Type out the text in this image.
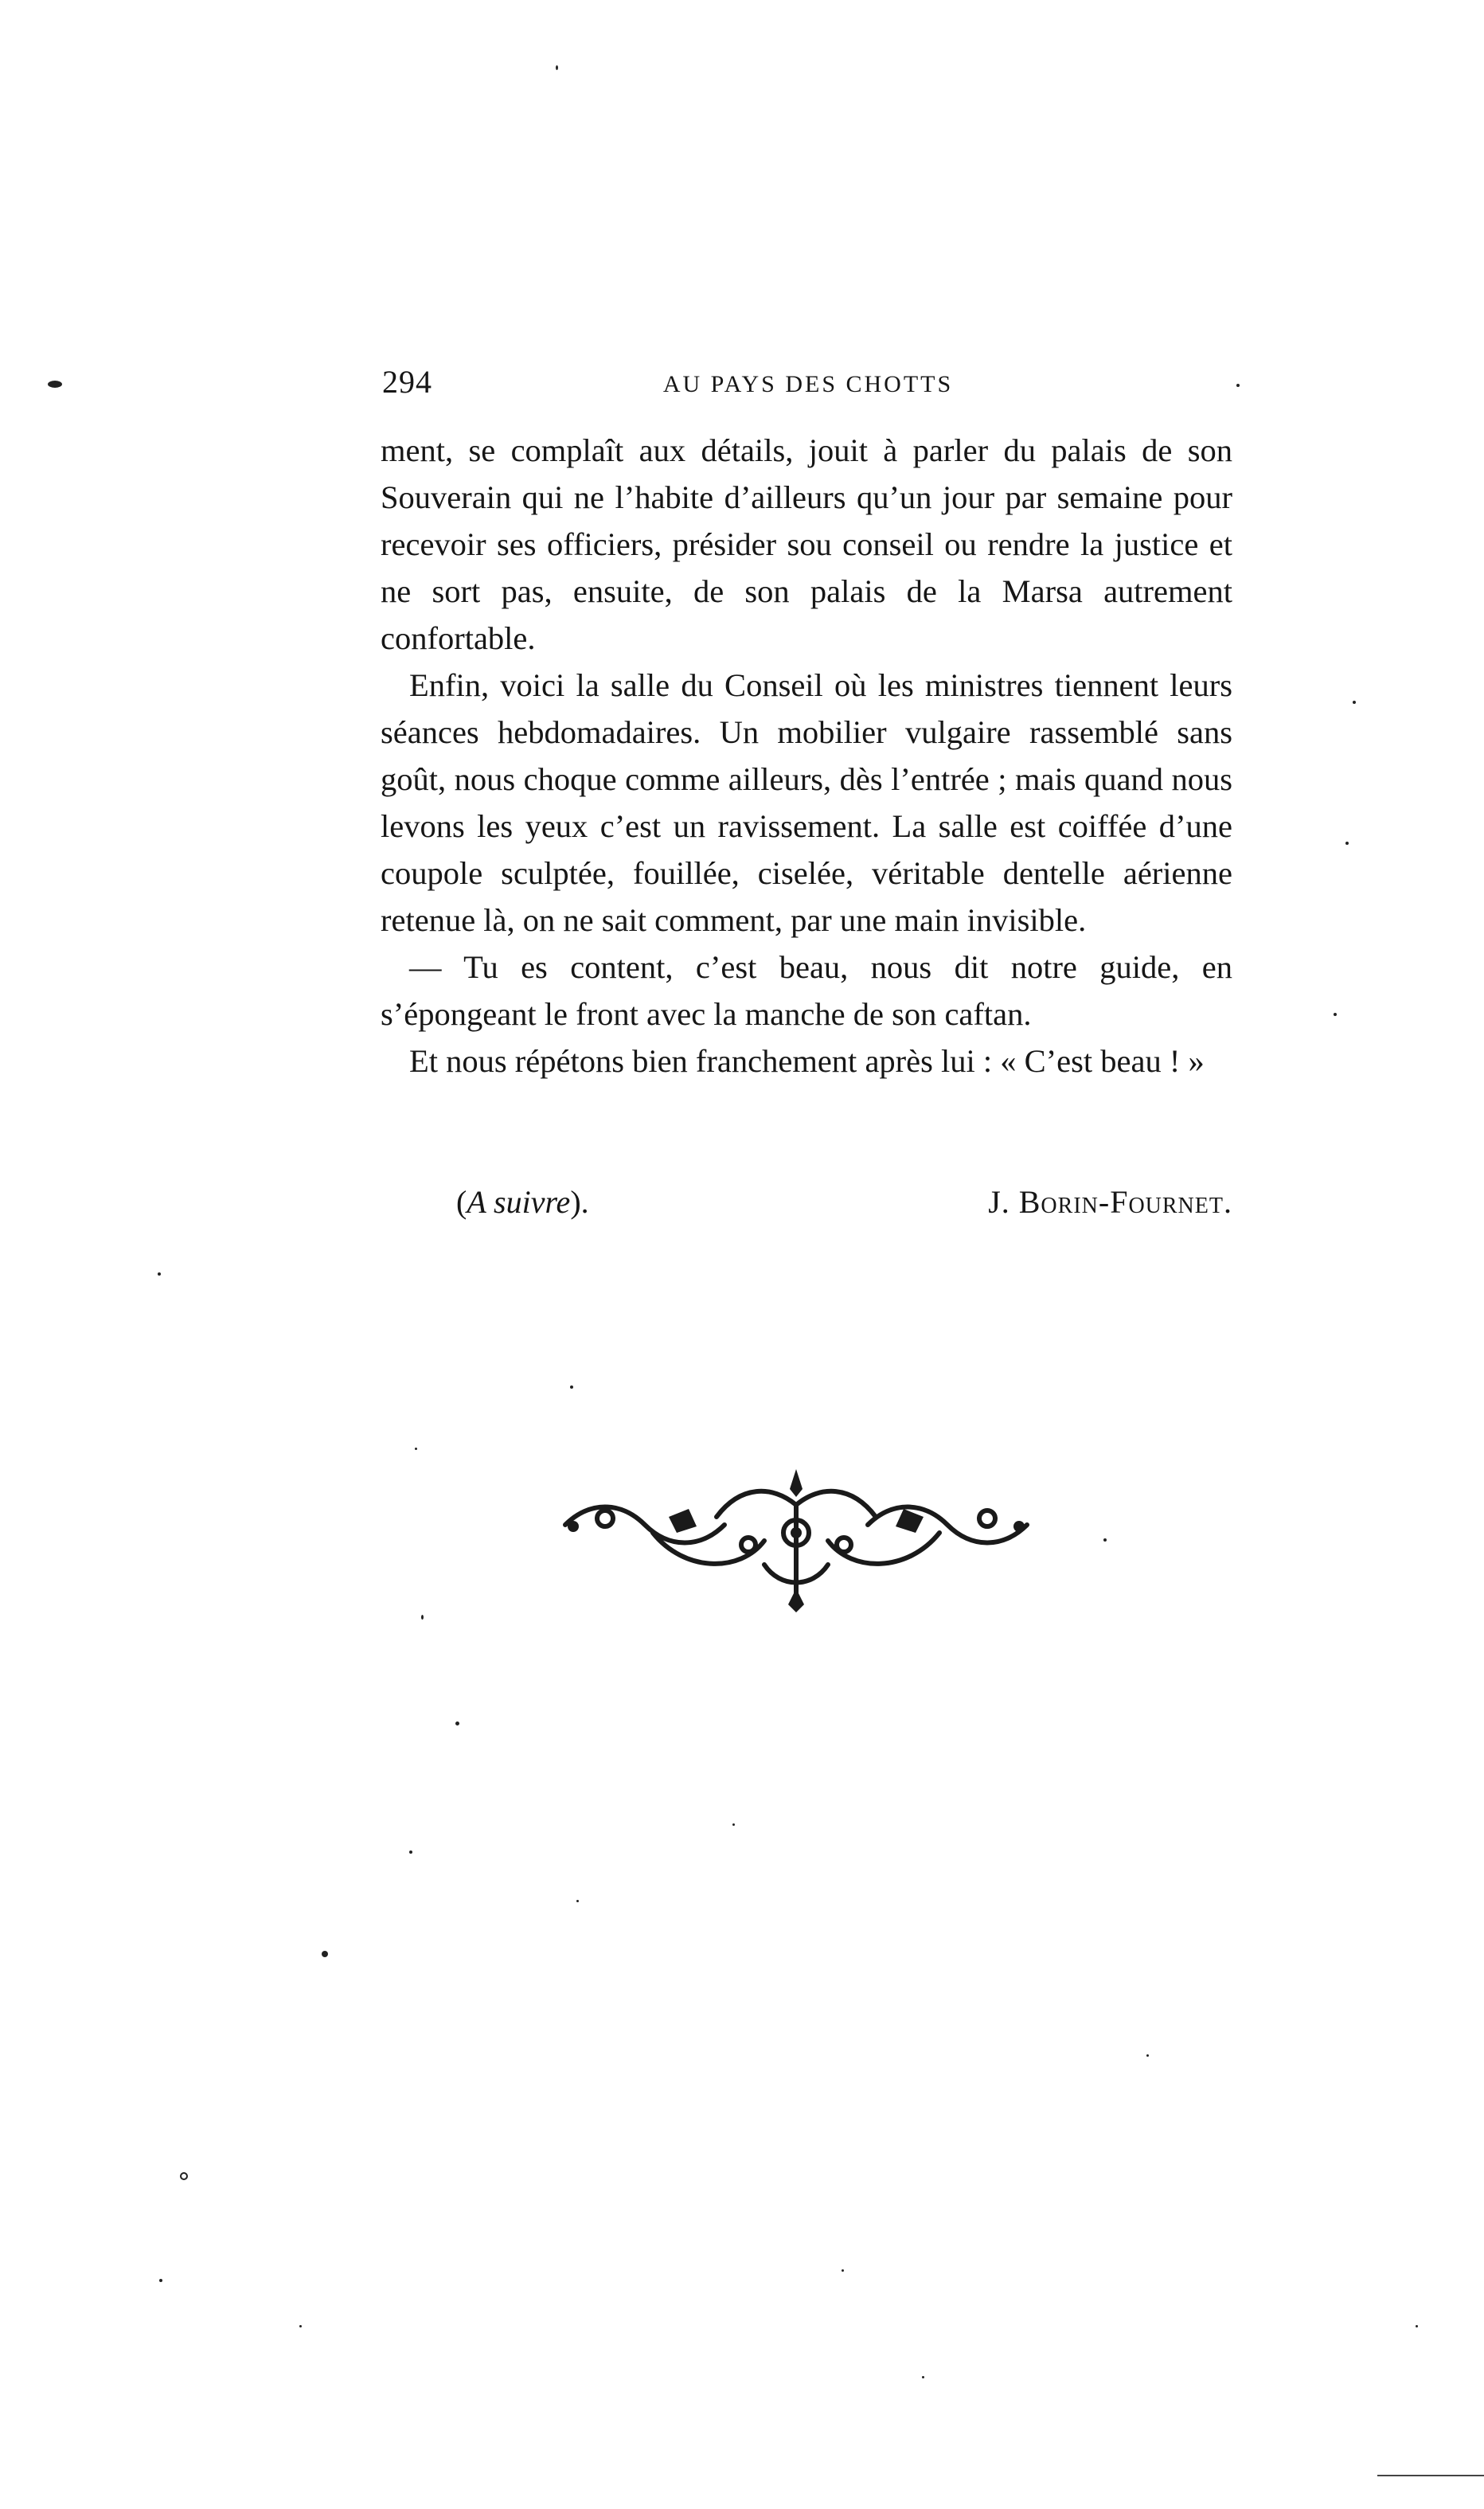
294	AU PAYS DES CHOTTS

ment, se complaît aux détails, jouit à parler du palais de son Souverain qui ne l’habite d’ailleurs qu’un jour par semaine pour recevoir ses officiers, présider sou conseil ou rendre la justice et ne sort pas, ensuite, de son palais de la Marsa autrement confortable.

Enfin, voici la salle du Conseil où les ministres tiennent leurs séances hebdomadaires. Un mobilier vulgaire rassemblé sans goût, nous choque comme ailleurs, dès l’entrée ; mais quand nous levons les yeux c’est un ravissement. La salle est coiffée d’une coupole sculptée, fouillée, ciselée, véritable dentelle aérienne retenue là, on ne sait comment, par une main invisible.

— Tu es content, c’est beau, nous dit notre guide, en s’épongeant le front avec la manche de son caftan.

Et nous répétons bien franchement après lui : « C’est beau ! »

(A suivre).	J. Borin-Fournet.
